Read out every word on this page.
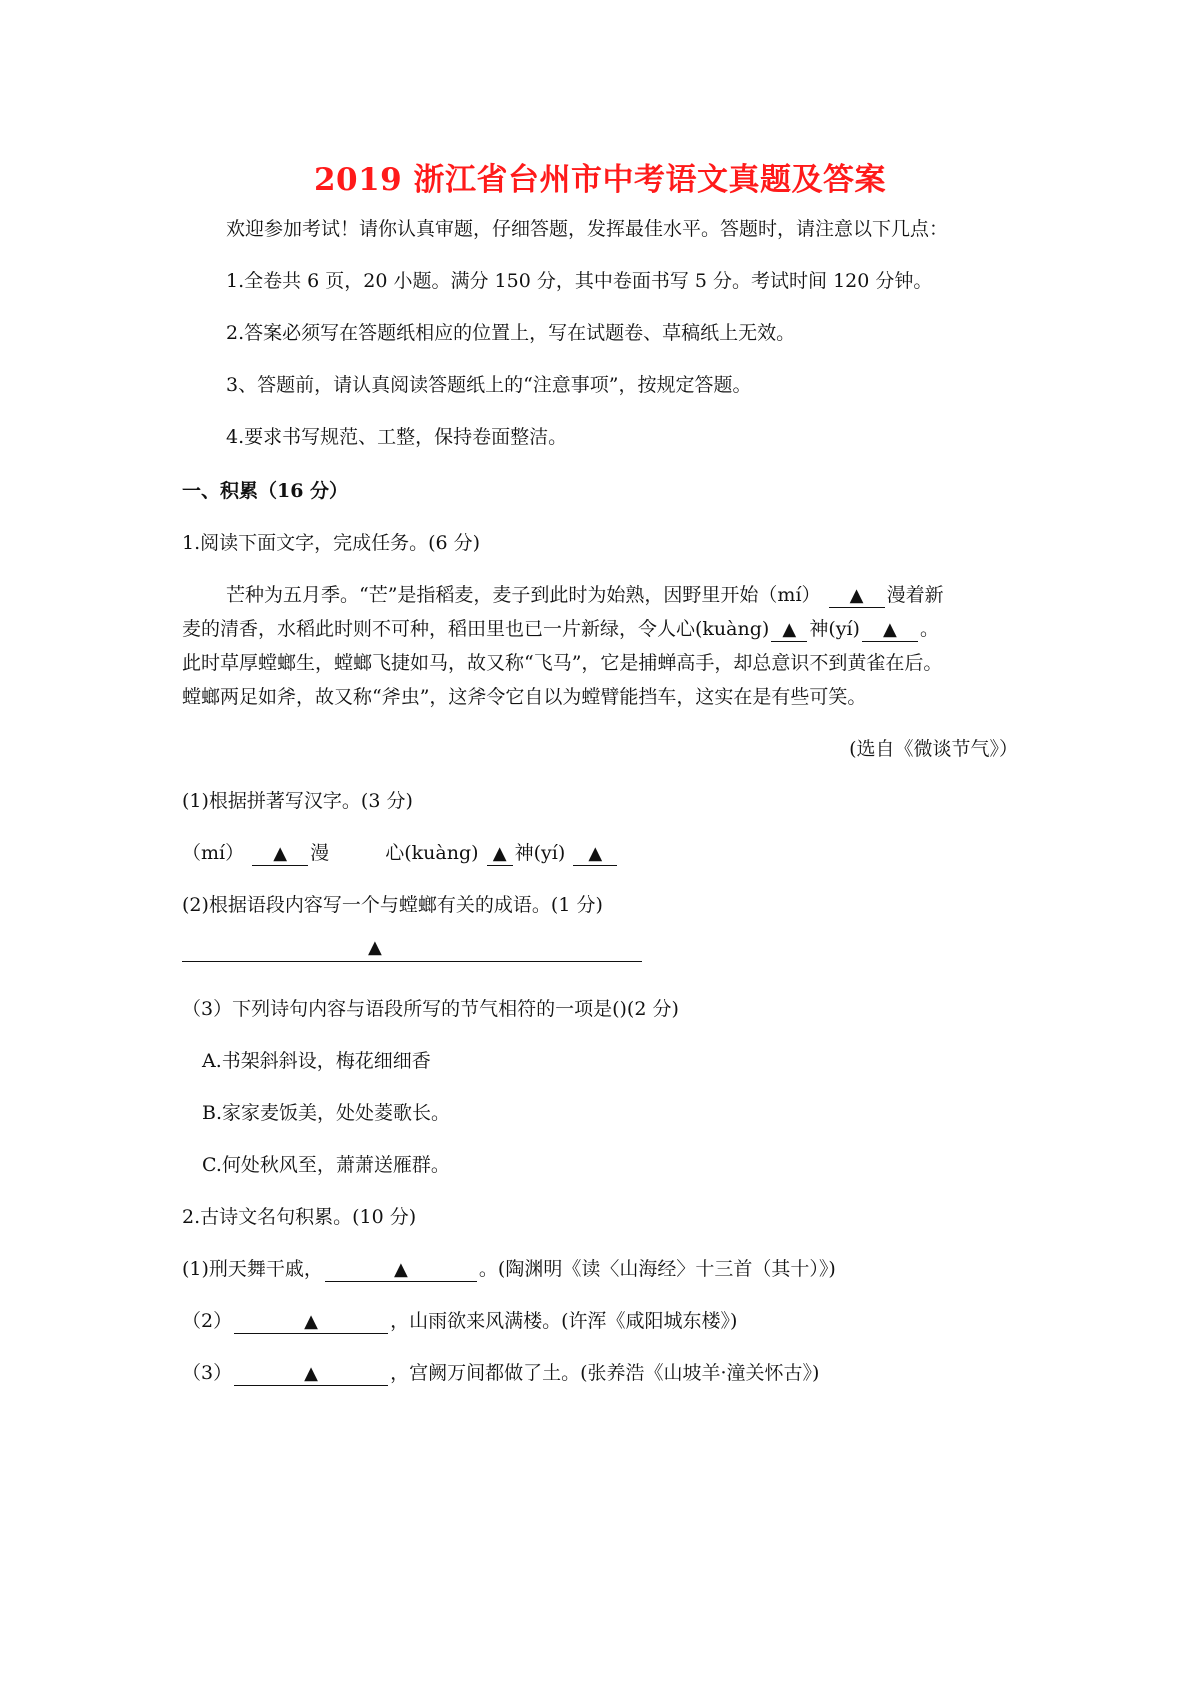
2019 浙江省台州市中考语文真题及答案
欢迎参加考试！请你认真审题，仔细答题，发挥最佳水平。答题时，请注意以下几点：
1.全卷共 6 页，20 小题。满分 150 分，其中卷面书写 5 分。考试时间 120 分钟。
2.答案必须写在答题纸相应的位置上，写在试题卷、草稿纸上无效。
3、答题前，请认真阅读答题纸上的“注意事项”，按规定答题。
4.要求书写规范、工整，保持卷面整洁。
一、积累（16 分）
1.阅读下面文字，完成任务。(6 分)
芒种为五月季。“芒”是指稻麦，麦子到此时为始熟，因野里开始（mí） ▲ 漫着新
麦的清香，水稻此时则不可种，稻田里也已一片新绿，令人心(kuàng) ▲ 神(yí) ▲ 。
此时草厚螳螂生，螳螂飞捷如马，故又称“飞马”，它是捕蝉高手，却总意识不到黄雀在后。
螳螂两足如斧，故又称“斧虫”，这斧令它自以为螳臂能挡车，这实在是有些可笑。
(选自《微谈节气》）
(1)根据拼著写汉字。(3 分)
（mí） ▲ 漫	心(kuàng) ▲ 神(yí) ▲
(2)根据语段内容写一个与螳螂有关的成语。(1 分)
▲
（3）下列诗句内容与语段所写的节气相符的一项是()(2 分)
A.书架斜斜设，梅花细细香
B.家家麦饭美，处处菱歌长。
C.何处秋风至，萧萧送雁群。
2.古诗文名句积累。(10 分)
(1)刑天舞干戚，	▲	。(陶渊明《读〈山海经〉十三首（其十）》)
（2）	▲	，山雨欲来风满楼。(许浑《咸阳城东楼》)
（3）	▲	，宫阙万间都做了土。(张养浩《山坡羊·潼关怀古》)
